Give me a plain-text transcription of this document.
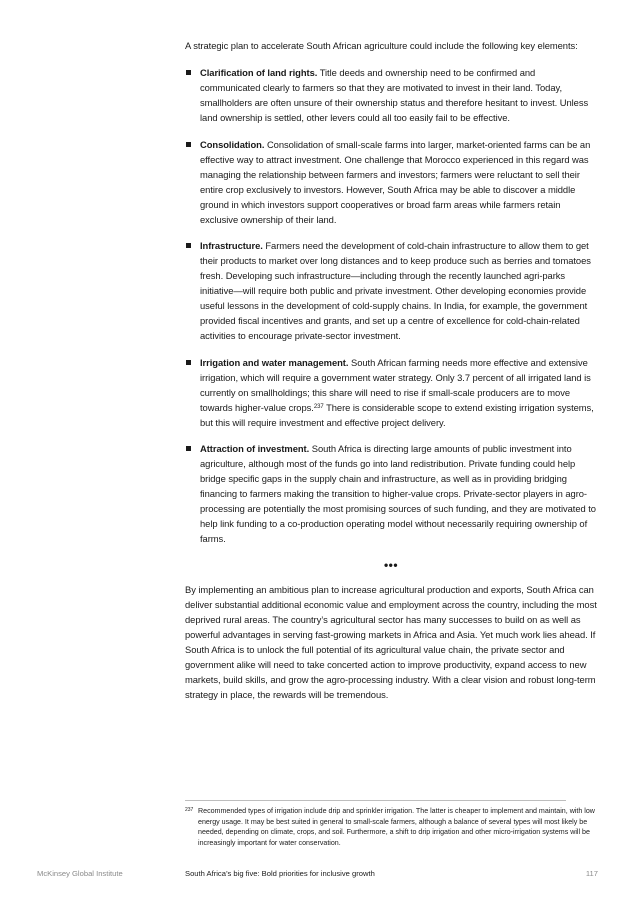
A strategic plan to accelerate South African agriculture could include the following key elements:

Clarification of land rights. Title deeds and ownership need to be confirmed and communicated clearly to farmers so that they are motivated to invest in their land. Today, smallholders are often unsure of their ownership status and therefore hesitant to invest. Unless land ownership is settled, other levers could all too easily fail to be effective.
Consolidation. Consolidation of small-scale farms into larger, market-oriented farms can be an effective way to attract investment. One challenge that Morocco experienced in this regard was managing the relationship between farmers and investors; farmers were reluctant to sell their entire crop exclusively to investors. However, South Africa may be able to discover a middle ground in which investors support cooperatives or broad farm areas while farmers retain exclusive ownership of their land.
Infrastructure. Farmers need the development of cold-chain infrastructure to allow them to get their products to market over long distances and to keep produce such as berries and tomatoes fresh. Developing such infrastructure—including through the recently launched agri-parks initiative—will require both public and private investment. Other developing economies provide useful lessons in the development of cold-supply chains. In India, for example, the government provided fiscal incentives and grants, and set up a centre of excellence for cold-chain-related activities to encourage private-sector investment.
Irrigation and water management. South African farming needs more effective and extensive irrigation, which will require a government water strategy. Only 3.7 percent of all irrigated land is currently on smallholdings; this share will need to rise if small-scale producers are to move towards higher-value crops.$^{237}$ There is considerable scope to extend existing irrigation systems, but this will require investment and effective project delivery.
Attraction of investment. South Africa is directing large amounts of public investment into agriculture, although most of the funds go into land redistribution. Private funding could help bridge specific gaps in the supply chain and infrastructure, as well as in providing bridging financing to farmers making the transition to higher-value crops. Private-sector players in agro-processing are potentially the most promising sources of such funding, and they are motivated to help link funding to a co-production operating model without necessarily requiring ownership of farms.
•••

By implementing an ambitious plan to increase agricultural production and exports, South Africa can deliver substantial additional economic value and employment across the country, including the most deprived rural areas. The country’s agricultural sector has many successes to build on as well as powerful advantages in serving fast-growing markets in Africa and Asia. Yet much work lies ahead. If South Africa is to unlock the full potential of its agricultural value chain, the private sector and government alike will need to take concerted action to improve productivity, expand access to new markets, build skills, and grow the agro-processing industry. With a clear vision and robust long-term strategy in place, the rewards will be tremendous.

237 Recommended types of irrigation include drip and sprinkler irrigation. The latter is cheaper to implement and maintain, with low energy usage. It may be best suited in general to small-scale farmers, although a balance of several types will most likely be needed, depending on climate, crops, and soil. Furthermore, a shift to drip irrigation and other micro-irrigation systems will be increasingly important for water conservation.
McKinsey Global Institute	South Africa’s big five: Bold priorities for inclusive growth	117
